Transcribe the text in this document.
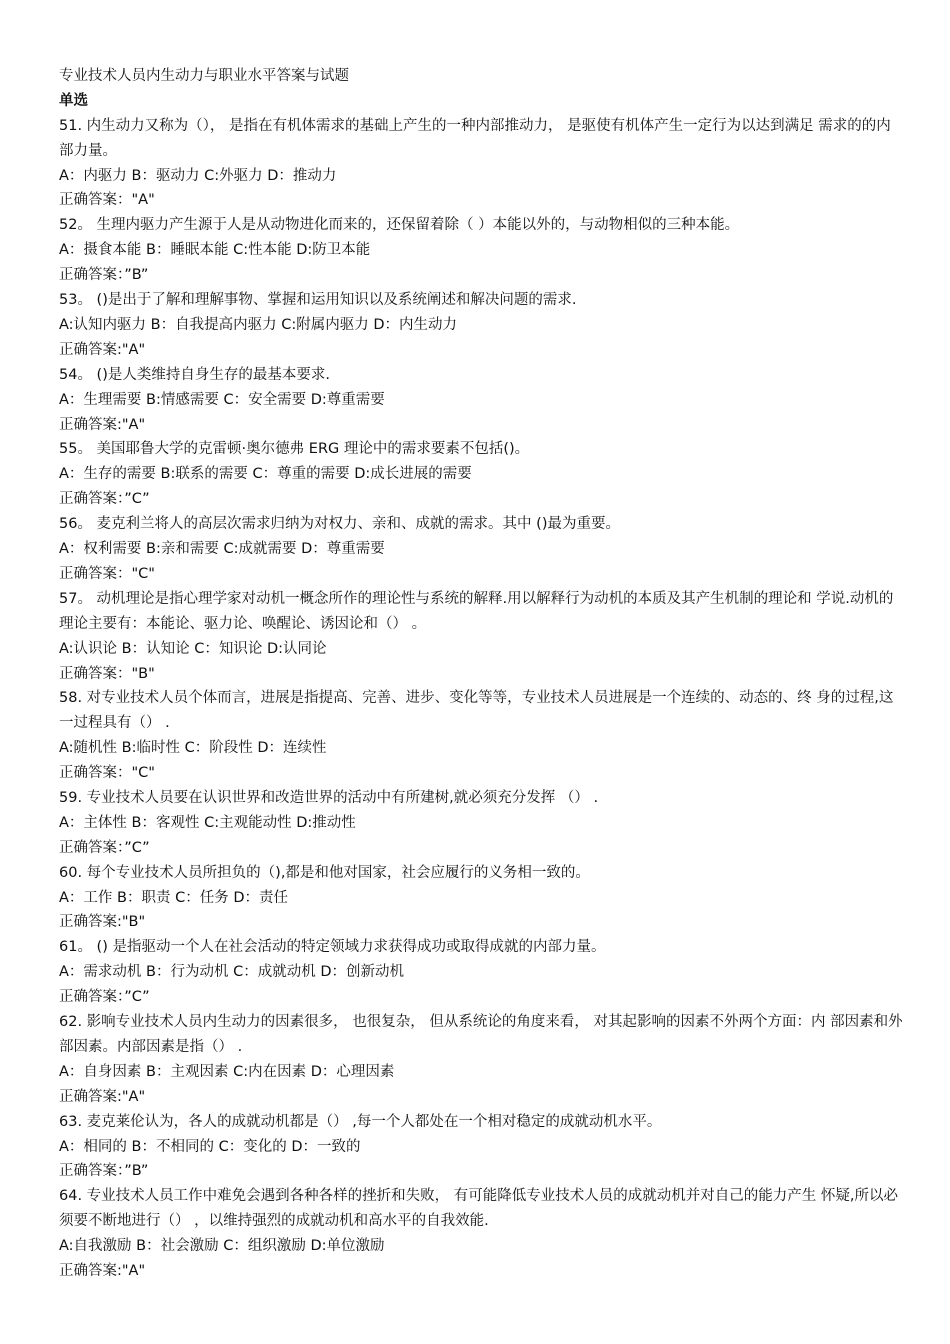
专业技术人员内生动力与职业水平答案与试题
单选
51. 内生动力又称为（）， 是指在有机体需求的基础上产生的一种内部推动力， 是驱使有机体产生一定行为以达到满足 需求的的内部力量。
A：内驱力 B：驱动力 C:外驱力 D：推动力
正确答案："A"
52。 生理内驱力产生源于人是从动物进化而来的，还保留着除（ ）本能以外的，与动物相似的三种本能。
A：摄食本能 B：睡眠本能 C:性本能 D:防卫本能
正确答案：”B”
53。 ()是出于了解和理解事物、掌握和运用知识以及系统阐述和解决问题的需求.
A:认知内驱力 B：自我提高内驱力 C:附属内驱力 D：内生动力
正确答案:"A"
54。 ()是人类维持自身生存的最基本要求.
A：生理需要 B:情感需要 C：安全需要 D:尊重需要
正确答案:"A"
55。 美国耶鲁大学的克雷顿·奥尔德弗 ERG 理论中的需求要素不包括()。
A：生存的需要 B:联系的需要 C：尊重的需要 D:成长进展的需要
正确答案：”C”
56。 麦克利兰将人的高层次需求归纳为对权力、亲和、成就的需求。其中 ()最为重要。
A：权利需要 B:亲和需要 C:成就需要 D：尊重需要
正确答案："C"
57。 动机理论是指心理学家对动机一概念所作的理论性与系统的解释.用以解释行为动机的本质及其产生机制的理论和 学说.动机的理论主要有：本能论、驱力论、唤醒论、诱因论和（） 。
A:认识论 B：认知论 C：知识论 D:认同论
正确答案："B"
58. 对专业技术人员个体而言，进展是指提高、完善、进步、变化等等，专业技术人员进展是一个连续的、动态的、终 身的过程,这一过程具有（） .
A:随机性 B:临时性 C：阶段性 D：连续性
正确答案："C"
59. 专业技术人员要在认识世界和改造世界的活动中有所建树,就必须充分发挥 （） .
A：主体性 B：客观性 C:主观能动性 D:推动性
正确答案：”C”
60. 每个专业技术人员所担负的（),都是和他对国家，社会应履行的义务相一致的。
A：工作 B：职责 C：任务 D：责任
正确答案:"B"
61。 () 是指驱动一个人在社会活动的特定领域力求获得成功或取得成就的内部力量。
A：需求动机 B：行为动机 C：成就动机 D：创新动机
正确答案：”C”
62. 影响专业技术人员内生动力的因素很多， 也很复杂， 但从系统论的角度来看， 对其起影响的因素不外两个方面：内 部因素和外部因素。内部因素是指（） .
A：自身因素 B：主观因素 C:内在因素 D：心理因素
正确答案:"A"
63. 麦克莱伦认为，各人的成就动机都是（） ,每一个人都处在一个相对稳定的成就动机水平。
A：相同的 B：不相同的 C：变化的 D：一致的
正确答案：”B”
64. 专业技术人员工作中难免会遇到各种各样的挫折和失败， 有可能降低专业技术人员的成就动机并对自己的能力产生 怀疑,所以必须要不断地进行（） ，以维持强烈的成就动机和高水平的自我效能.
A:自我激励 B：社会激励 C：组织激励 D:单位激励
正确答案:"A"
